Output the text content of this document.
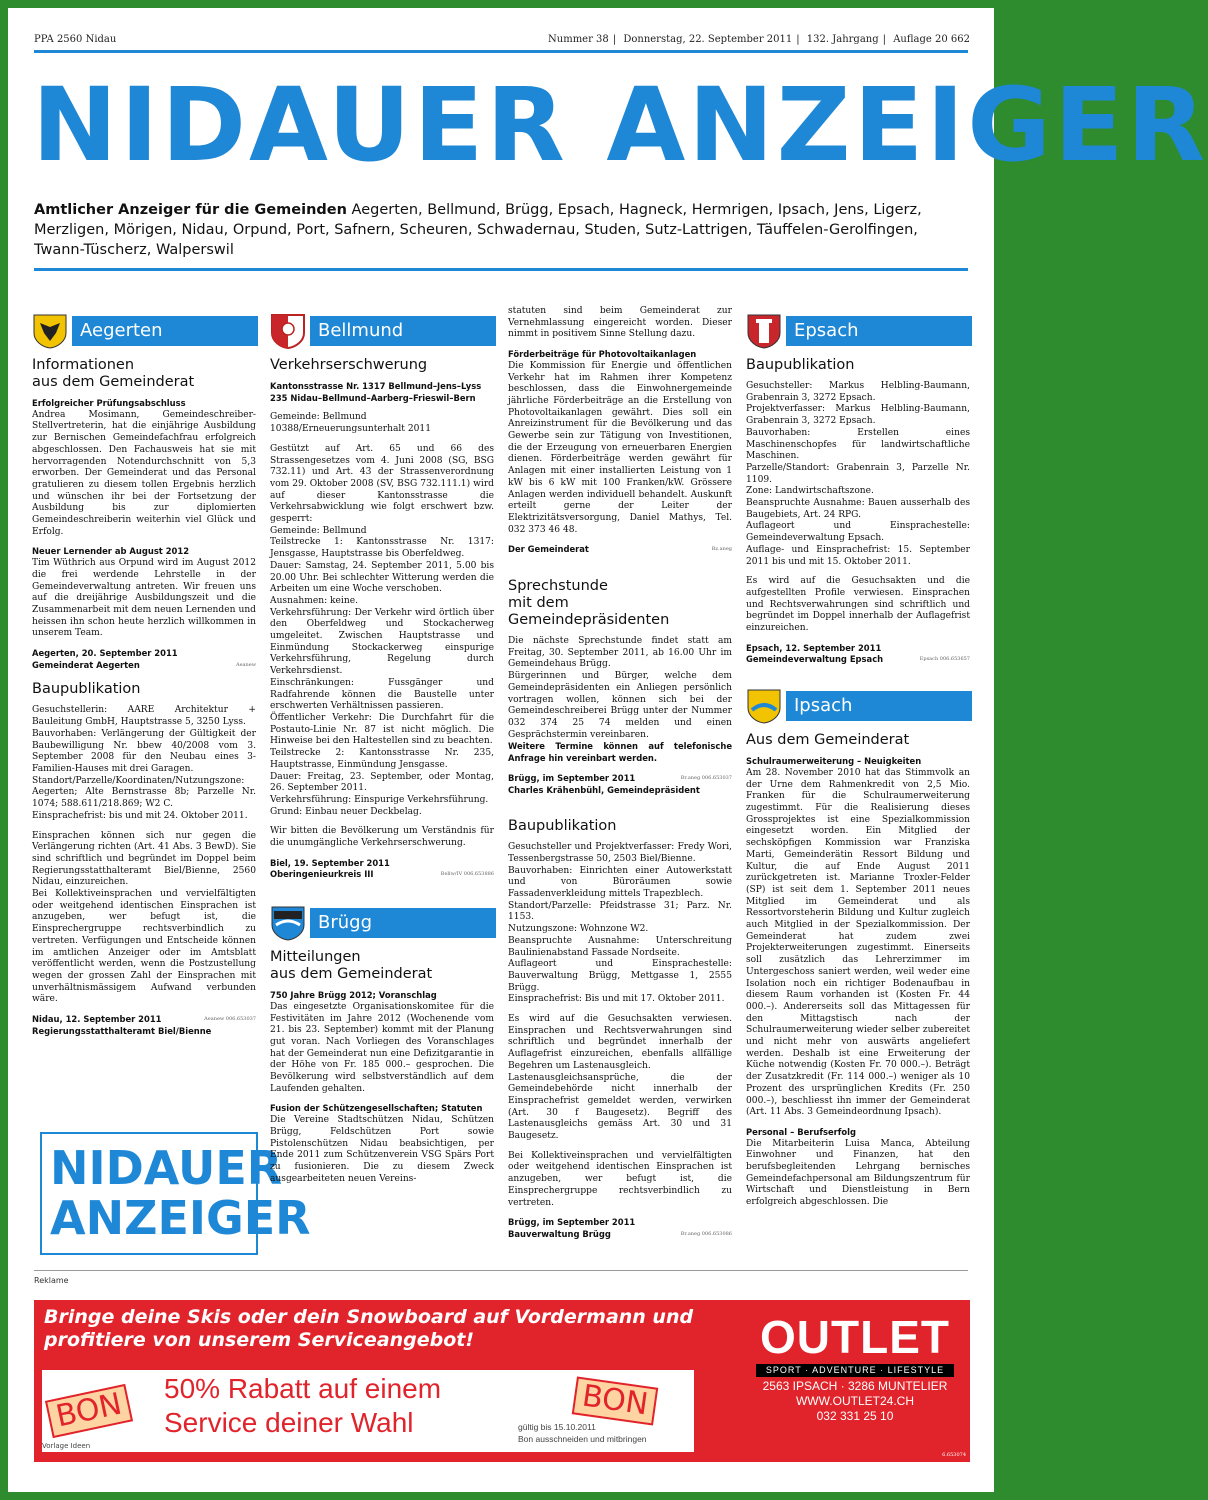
PPA 2560 Nidau	Nummer 38 | Donnerstag, 22. September 2011 | 132. Jahrgang | Auflage 20 662
NIDAUER ANZEIGER
Amtlicher Anzeiger für die Gemeinden Aegerten, Bellmund, Brügg, Epsach, Hagneck, Hermrigen, Ipsach, Jens, Ligerz, Merzligen, Mörigen, Nidau, Orpund, Port, Safnern, Scheuren, Schwadernau, Studen, Sutz-Lattrigen, Täuffelen-Gerolfingen, Twann-Tüscherz, Walperswil
Aegerten
Informationen
aus dem Gemeinderat
Erfolgreicher Prüfungsabschluss

Andrea Mosimann, Gemeindeschreiber-Stellvertreterin, hat die einjährige Ausbildung zur Bernischen Gemeindefachfrau erfolgreich abgeschlossen. Den Fachausweis hat sie mit hervorragenden Notendurchschnitt von 5,3 erworben. Der Gemeinderat und das Personal gratulieren zu diesem tollen Ergebnis herzlich und wünschen ihr bei der Fortsetzung der Ausbildung bis zur diplomierten Gemeindeschreiberin weiterhin viel Glück und Erfolg.

Neuer Lernender ab August 2012

Tim Wüthrich aus Orpund wird im August 2012 die frei werdende Lehrstelle in der Gemeindeverwaltung antreten. Wir freuen uns auf die dreijährige Ausbildungszeit und die Zusammenarbeit mit dem neuen Lernenden und heissen ihn schon heute herzlich willkommen in unserem Team.

Aegerten, 20. September 2011
Gemeinderat Aegerten	Aeanew
Baupublikation

Gesuchstellerin: AARE Architektur + Bauleitung GmbH, Hauptstrasse 5, 3250 Lyss.

Bauvorhaben: Verlängerung der Gültigkeit der Baubewilligung Nr. bbew 40/2008 vom 3. September 2008 für den Neubau eines 3-Familien-Hauses mit drei Garagen.

Standort/Parzelle/Koordinaten/Nutzungszone: Aegerten; Alte Bernstrasse 8b; Parzelle Nr. 1074; 588.611/218.869; W2 C.

Einsprachefrist: bis und mit 24. Oktober 2011.

Einsprachen können sich nur gegen die Verlängerung richten (Art. 41 Abs. 3 BewD). Sie sind schriftlich und begründet im Doppel beim Regierungsstatthalteramt Biel/Bienne, 2560 Nidau, einzureichen.

Bei Kollektiveinsprachen und vervielfältigten oder weitgehend identischen Einsprachen ist anzugeben, wer befugt ist, die Einsprechergruppe rechtsverbindlich zu vertreten. Verfügungen und Entscheide können im amtlichen Anzeiger oder im Amtsblatt veröffentlicht werden, wenn die Postzustellung wegen der grossen Zahl der Einsprachen mit unverhältnismässigem Aufwand verbunden wäre.

Nidau, 12. September 2011
Regierungsstatthalteramt Biel/Bienne
Aeanew 006.653037
NIDAUER
ANZEIGER
Bellmund
Verkehrserschwerung
Kantonsstrasse Nr. 1317 Bellmund–Jens–Lyss
235 Nidau–Bellmund–Aarberg–Frieswil–Bern
Gemeinde: Bellmund

10388/Erneuerungsunterhalt 2011

Gestützt auf Art. 65 und 66 des Strassengesetzes vom 4. Juni 2008 (SG, BSG 732.11) und Art. 43 der Strassenverordnung vom 29. Oktober 2008 (SV, BSG 732.111.1) wird auf dieser Kantonsstrasse die Verkehrsabwicklung wie folgt erschwert bzw. gesperrt:

Gemeinde: Bellmund

Teilstrecke 1: Kantonsstrasse Nr. 1317: Jensgasse, Hauptstrasse bis Oberfeldweg.

Dauer: Samstag, 24. September 2011, 5.00 bis 20.00 Uhr. Bei schlechter Witterung werden die Arbeiten um eine Woche verschoben.

Ausnahmen: keine.

Verkehrsführung: Der Verkehr wird örtlich über den Oberfeldweg und Stockacherweg umgeleitet. Zwischen Hauptstrasse und Einmündung Stockackerweg einspurige Verkehrsführung, Regelung durch Verkehrsdienst.

Einschränkungen: Fussgänger und Radfahrende können die Baustelle unter erschwerten Verhältnissen passieren.

Öffentlicher Verkehr: Die Durchfahrt für die Postauto-Linie Nr. 87 ist nicht möglich. Die Hinweise bei den Haltestellen sind zu beachten.

Teilstrecke 2: Kantonsstrasse Nr. 235, Hauptstrasse, Einmündung Jensgasse.

Dauer: Freitag, 23. September, oder Montag, 26. September 2011.

Verkehrsführung: Einspurige Verkehrsführung.

Grund: Einbau neuer Deckbelag.

Wir bitten die Bevölkerung um Verständnis für die unumgängliche Verkehrserschwerung.

Biel, 19. September 2011
Oberingenieurkreis III	Bellw/IV 006.653886
Brügg
Mitteilungen
aus dem Gemeinderat
750 Jahre Brügg 2012; Voranschlag

Das eingesetzte Organisationskomitee für die Festivitäten im Jahre 2012 (Wochenende vom 21. bis 23. September) kommt mit der Planung gut voran. Nach Vorliegen des Voranschlages hat der Gemeinderat nun eine Defizitgarantie in der Höhe von Fr. 185 000.– gesprochen. Die Bevölkerung wird selbstverständlich auf dem Laufenden gehalten.

Fusion der Schützengesellschaften; Statuten

Die Vereine Stadtschützen Nidau, Schützen Brügg, Feldschützen Port sowie Pistolenschützen Nidau beabsichtigen, per Ende 2011 zum Schützenverein VSG Spärs Port zu fusionieren. Die zu diesem Zweck ausgearbeiteten neuen Vereins-

statuten sind beim Gemeinderat zur Vernehmlassung eingereicht worden. Dieser nimmt in positivem Sinne Stellung dazu.

Förderbeiträge für Photovoltaikanlagen

Die Kommission für Energie und öffentlichen Verkehr hat im Rahmen ihrer Kompetenz beschlossen, dass die Einwohnergemeinde jährliche Förderbeiträge an die Erstellung von Photovoltaikanlagen gewährt. Dies soll ein Anreizinstrument für die Bevölkerung und das Gewerbe sein zur Tätigung von Investitionen, die der Erzeugung von erneuerbaren Energien dienen. Förderbeiträge werden gewährt für Anlagen mit einer installierten Leistung von 1 kW bis 6 kW mit 100 Franken/kW. Grössere Anlagen werden individuell behandelt. Auskunft erteilt gerne der Leiter der Elektrizitätsversorgung, Daniel Mathys, Tel. 032 373 46 48.

Der Gemeinderat	Bz.aneg
Sprechstunde
mit dem Gemeindepräsidenten

Die nächste Sprechstunde findet statt am Freitag, 30. September 2011, ab 16.00 Uhr im Gemeindehaus Brügg.

Bürgerinnen und Bürger, welche dem Gemeindepräsidenten ein Anliegen persönlich vortragen wollen, können sich bei der Gemeindeschreiberei Brügg unter der Nummer 032 374 25 74 melden und einen Gesprächstermin vereinbaren.

Weitere Termine können auf telefonische Anfrage hin vereinbart werden.

Brügg, im September 2011
Charles Krähenbühl, Gemeindepräsident
Br.aneg 006.653037
Baupublikation

Gesuchsteller und Projektverfasser: Fredy Wori, Tessenbergstrasse 50, 2503 Biel/Bienne.

Bauvorhaben: Einrichten einer Autowerkstatt und von Büroräumen sowie Fassadenverkleidung mittels Trapezblech.

Standort/Parzelle: Pfeidstrasse 31; Parz. Nr. 1153.

Nutzungszone: Wohnzone W2.

Beanspruchte Ausnahme: Unterschreitung Baulinienabstand Fassade Nordseite.

Auflageort und Einsprachestelle: Bauverwaltung Brügg, Mettgasse 1, 2555 Brügg.

Einsprachefrist: Bis und mit 17. Oktober 2011.

Es wird auf die Gesuchsakten verwiesen. Einsprachen und Rechtsverwahrungen sind schriftlich und begründet innerhalb der Auflagefrist einzureichen, ebenfalls allfällige Begehren um Lastenausgleich.

Lastenausgleichsansprüche, die der Gemeindebehörde nicht innerhalb der Einsprachefrist gemeldet werden, verwirken (Art. 30 f Baugesetz). Begriff des Lastenausgleichs gemäss Art. 30 und 31 Baugesetz.

Bei Kollektiveinsprachen und vervielfältigten oder weitgehend identischen Einsprachen ist anzugeben, wer befugt ist, die Einsprechergruppe rechtsverbindlich zu vertreten.

Brügg, im September 2011
Bauverwaltung Brügg	Br.aneg 006.653086
Epsach
Baupublikation

Gesuchsteller: Markus Helbling-Baumann, Grabenrain 3, 3272 Epsach.

Projektverfasser: Markus Helbling-Baumann, Grabenrain 3, 3272 Epsach.

Bauvorhaben: Erstellen eines Maschinenschopfes für landwirtschaftliche Maschinen.

Parzelle/Standort: Grabenrain 3, Parzelle Nr. 1109.

Zone: Landwirtschaftszone.

Beanspruchte Ausnahme: Bauen ausserhalb des Baugebiets, Art. 24 RPG.

Auflageort und Einsprachestelle: Gemeindeverwaltung Epsach.

Auflage- und Einsprachefrist: 15. September 2011 bis und mit 15. Oktober 2011.

Es wird auf die Gesuchsakten und die aufgestellten Profile verwiesen. Einsprachen und Rechtsverwahrungen sind schriftlich und begründet im Doppel innerhalb der Auflagefrist einzureichen.

Epsach, 12. September 2011
Gemeindeverwaltung Epsach	Epsach 006.653657
Ipsach
Aus dem Gemeinderat
Schulraumerweiterung – Neuigkeiten

Am 28. November 2010 hat das Stimmvolk an der Urne dem Rahmenkredit von 2,5 Mio. Franken für die Schulraumerweiterung zugestimmt. Für die Realisierung dieses Grossprojektes ist eine Spezialkommission eingesetzt worden. Ein Mitglied der sechsköpfigen Kommission war Franziska Marti, Gemeinderätin Ressort Bildung und Kultur, die auf Ende August 2011 zurückgetreten ist. Marianne Troxler-Felder (SP) ist seit dem 1. September 2011 neues Mitglied im Gemeinderat und als Ressortvorsteherin Bildung und Kultur zugleich auch Mitglied in der Spezialkommission. Der Gemeinderat hat zudem zwei Projekterweiterungen zugestimmt. Einerseits soll zusätzlich das Lehrerzimmer im Untergeschoss saniert werden, weil weder eine Isolation noch ein richtiger Bodenaufbau in diesem Raum vorhanden ist (Kosten Fr. 44 000.–). Andererseits soll das Mittagessen für den Mittagstisch nach der Schulraumerweiterung wieder selber zubereitet und nicht mehr von auswärts angeliefert werden. Deshalb ist eine Erweiterung der Küche notwendig (Kosten Fr. 70 000.–). Beträgt der Zusatzkredit (Fr. 114 000.–) weniger als 10 Prozent des ursprünglichen Kredits (Fr. 250 000.–), beschliesst ihn immer der Gemeinderat (Art. 11 Abs. 3 Gemeindeordnung Ipsach).

Personal – Berufserfolg

Die Mitarbeiterin Luisa Manca, Abteilung Einwohner und Finanzen, hat den berufsbegleitenden Lehrgang bernisches Gemeindefachpersonal am Bildungszentrum für Wirtschaft und Dienstleistung in Bern erfolgreich abgeschlossen. Die

Reklame
Bringe deine Skis oder dein Snowboard auf Vordermann und profitiere von unserem Serviceangebot!
BON	BON
50% Rabatt auf einem
Service deiner Wahl	gültig bis 15.10.2011
Bon ausschneiden und mitbringen
Vorlage Ideen
OUTLET
SPORT · ADVENTURE · LIFESTYLE
2563 IPSACH · 3286 MUNTELIER
WWW.OUTLET24.CH
032 331 25 10
6.653074
